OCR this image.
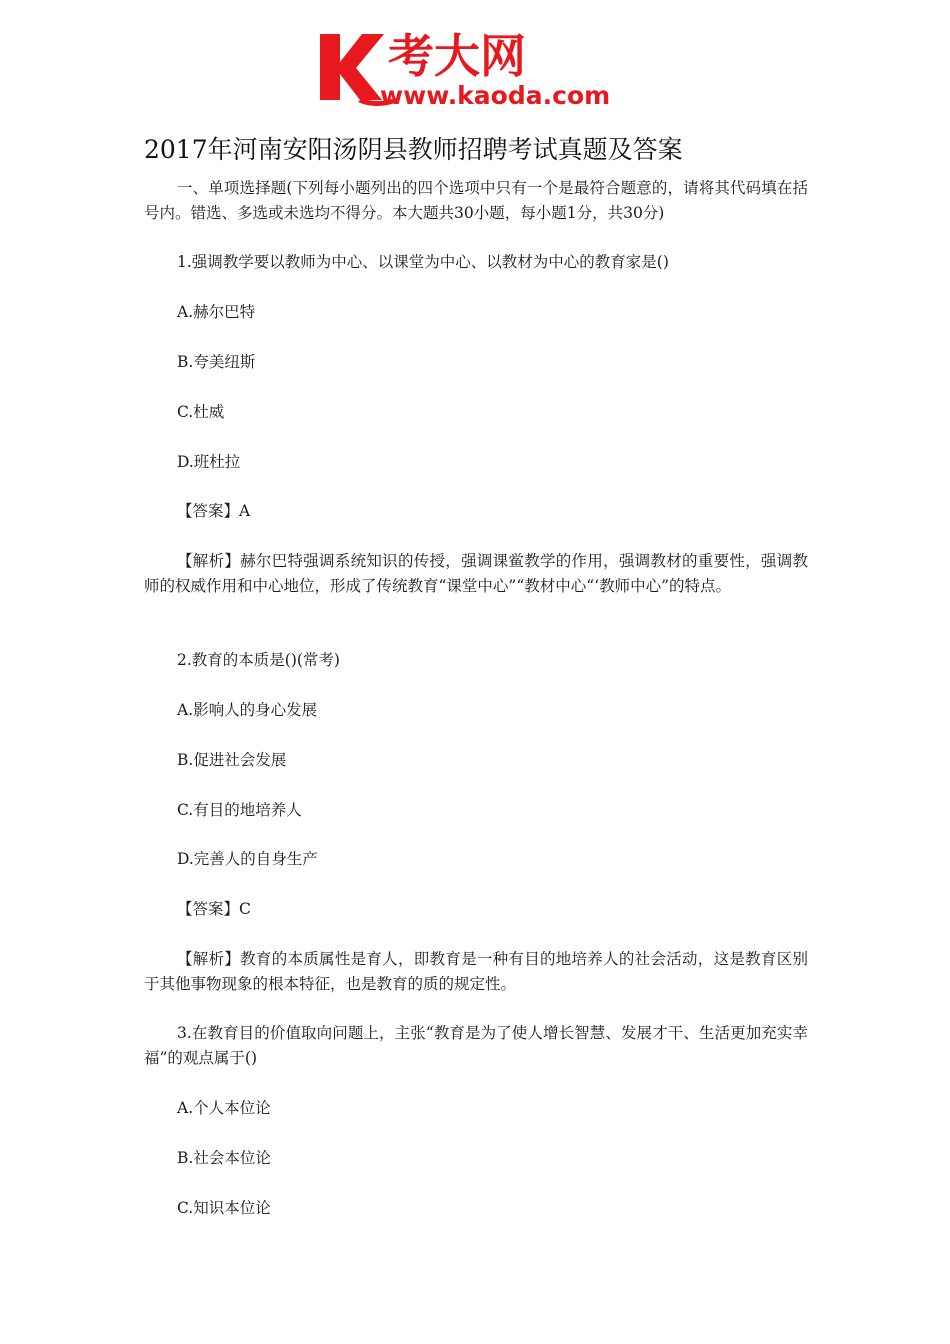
考大网
www.kaoda.com
2017年河南安阳汤阴县教师招聘考试真题及答案
一、单项选择题(下列每小题列出的四个选项中只有一个是最符合题意的，请将其代码填在括号内。错选、多选或未选均不得分。本大题共30小题，每小题1分，共30分)
1.强调教学要以教师为中心、以课堂为中心、以教材为中心的教育家是()
A.赫尔巴特
B.夸美纽斯
C.杜威
D.班杜拉
【答案】A
【解析】赫尔巴特强调系统知识的传授，强调课鲎教学的作用，强调教材的重要性，强调教师的权威作用和中心地位，形成了传统教育“课堂中心”“教材中心“‘教师中心”的特点。
2.教育的本质是()(常考)
A.影响人的身心发展
B.促进社会发展
C.有目的地培养人
D.完善人的自身生产
【答案】C
【解析】教育的本质属性是育人，即教育是一种有目的地培养人的社会活动，这是教育区别于其他事物现象的根本特征，也是教育的质的规定性。
3.在教育目的价值取向问题上，主张“教育是为了使人增长智慧、发展才干、生活更加充实幸福”的观点属于()
A.个人本位论
B.社会本位论
C.知识本位论
